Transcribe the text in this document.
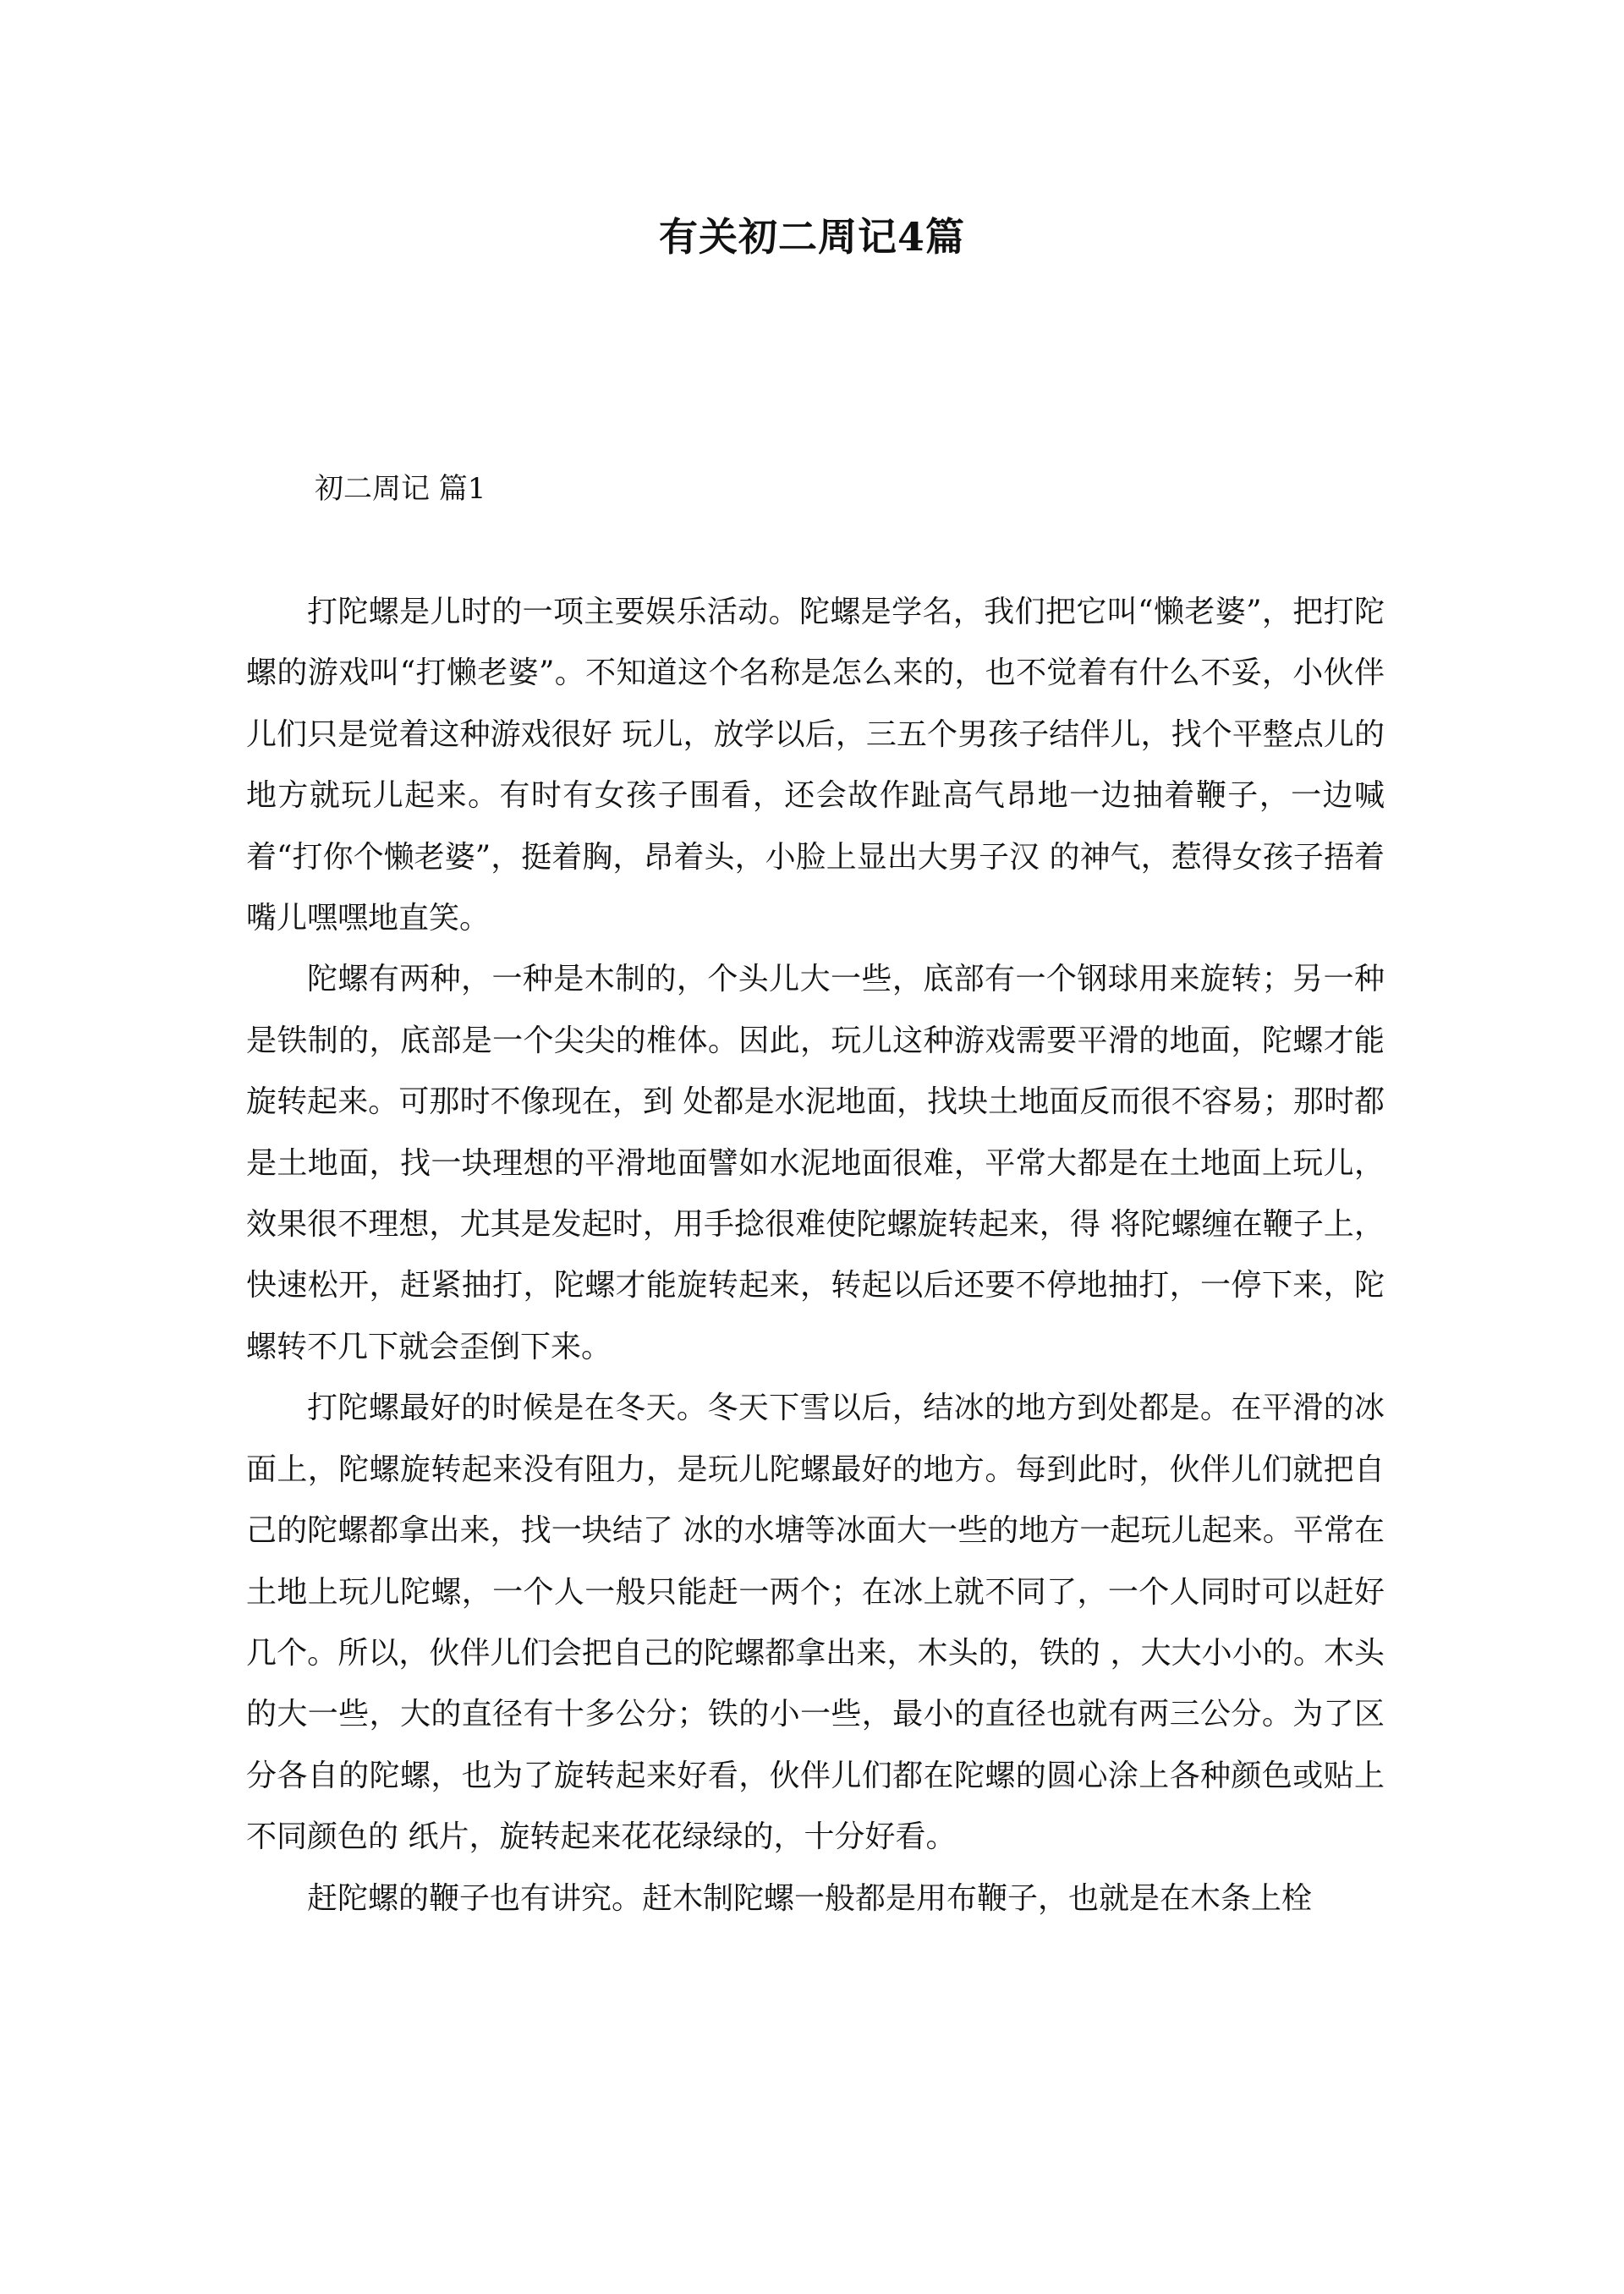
有关初二周记4篇
初二周记 篇1

打陀螺是儿时的一项主要娱乐活动。陀螺是学名，我们把它叫“懒老婆”，把打陀螺的游戏叫“打懒老婆”。不知道这个名称是怎么来的，也不觉着有什么不妥，小伙伴儿们只是觉着这种游戏很好 玩儿，放学以后，三五个男孩子结伴儿，找个平整点儿的地方就玩儿起来。有时有女孩子围看，还会故作趾高气昂地一边抽着鞭子，一边喊着“打你个懒老婆”，挺着胸，昂着头，小脸上显出大男子汉 的神气，惹得女孩子捂着嘴儿嘿嘿地直笑。

陀螺有两种，一种是木制的，个头儿大一些，底部有一个钢球用来旋转；另一种是铁制的，底部是一个尖尖的椎体。因此，玩儿这种游戏需要平滑的地面，陀螺才能旋转起来。可那时不像现在，到 处都是水泥地面，找块土地面反而很不容易；那时都是土地面，找一块理想的平滑地面譬如水泥地面很难，平常大都是在土地面上玩儿，效果很不理想，尤其是发起时，用手捻很难使陀螺旋转起来，得 将陀螺缠在鞭子上，快速松开，赶紧抽打，陀螺才能旋转起来，转起以后还要不停地抽打，一停下来，陀螺转不几下就会歪倒下来。

打陀螺最好的时候是在冬天。冬天下雪以后，结冰的地方到处都是。在平滑的冰面上，陀螺旋转起来没有阻力，是玩儿陀螺最好的地方。每到此时，伙伴儿们就把自己的陀螺都拿出来，找一块结了 冰的水塘等冰面大一些的地方一起玩儿起来。平常在土地上玩儿陀螺，一个人一般只能赶一两个；在冰上就不同了，一个人同时可以赶好几个。所以，伙伴儿们会把自己的陀螺都拿出来，木头的，铁的 ，大大小小的。木头的大一些，大的直径有十多公分；铁的小一些，最小的直径也就有两三公分。为了区分各自的陀螺，也为了旋转起来好看，伙伴儿们都在陀螺的圆心涂上各种颜色或贴上不同颜色的 纸片，旋转起来花花绿绿的，十分好看。

赶陀螺的鞭子也有讲究。赶木制陀螺一般都是用布鞭子，也就是在木条上栓
